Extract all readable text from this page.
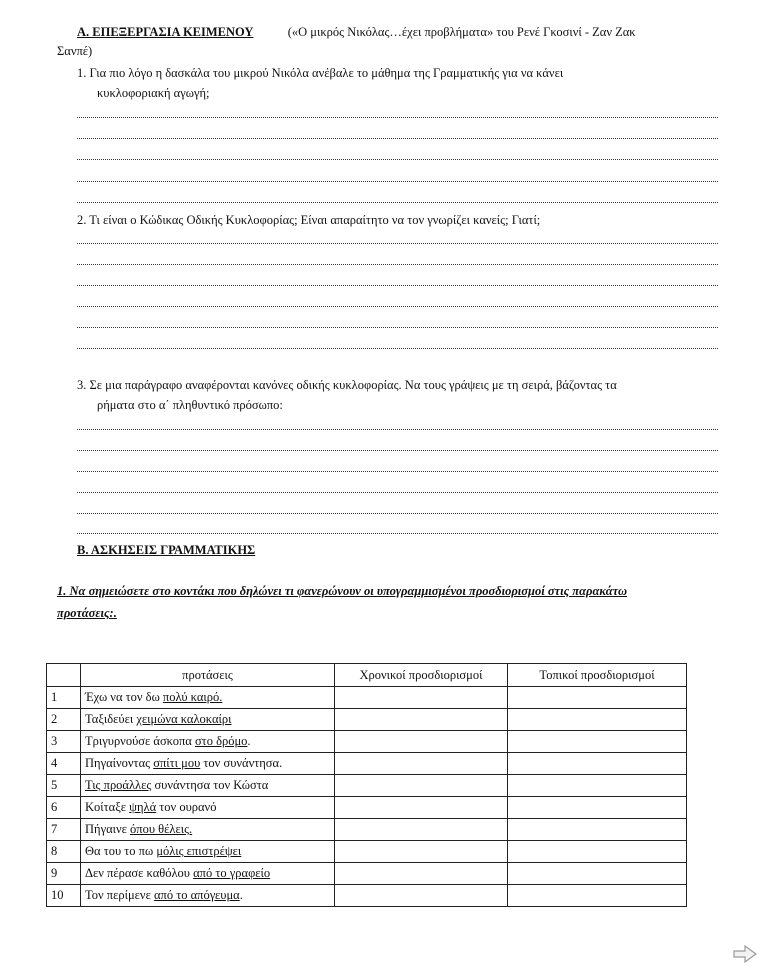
Α. ΕΠΕΞΕΡΓΑΣΙΑ ΚΕΙΜΕΝΟΥ	(«Ο μικρός Νικόλας…έχει προβλήματα» του Ρενέ Γκοσινί - Ζαν Ζακ
Σανπέ)
1. Για πιο λόγο η δασκάλα του μικρού Νικόλα ανέβαλε το μάθημα της Γραμματικής για να κάνει
κυκλοφοριακή αγωγή;
2. Τι είναι ο Κώδικας Οδικής Κυκλοφορίας; Είναι απαραίτητο να τον γνωρίζει κανείς; Γιατί;
3. Σε μια παράγραφο αναφέρονται κανόνες οδικής κυκλοφορίας. Να τους γράψεις με τη σειρά, βάζοντας τα
ρήματα στο α΄ πληθυντικό πρόσωπο:
Β. ΑΣΚΗΣΕΙΣ ΓΡΑΜΜΑΤΙΚΗΣ
1. Να σημειώσετε στο κοντάκι που δηλώνει τι φανερώνουν οι υπογραμμισμένοι προσδιορισμοί στις παρακάτω
προτάσεις:.
	προτάσεις	Χρονικοί προσδιορισμοί	Τοπικοί προσδιορισμοί
1	Έχω να τον δω πολύ καιρό.		
2	Ταξιδεύει χειμώνα καλοκαίρι		
3	Τριγυρνούσε άσκοπα στο δρόμο.		
4	Πηγαίνοντας σπίτι μου τον συνάντησα.		
5	Τις προάλλες συνάντησα τον Κώστα		
6	Κοίταξε ψηλά τον ουρανό		
7	Πήγαινε όπου θέλεις.		
8	Θα του το πω μόλις επιστρέψει		
9	Δεν πέρασε καθόλου από το γραφείο		
10	Τον περίμενε από το απόγευμα.		
